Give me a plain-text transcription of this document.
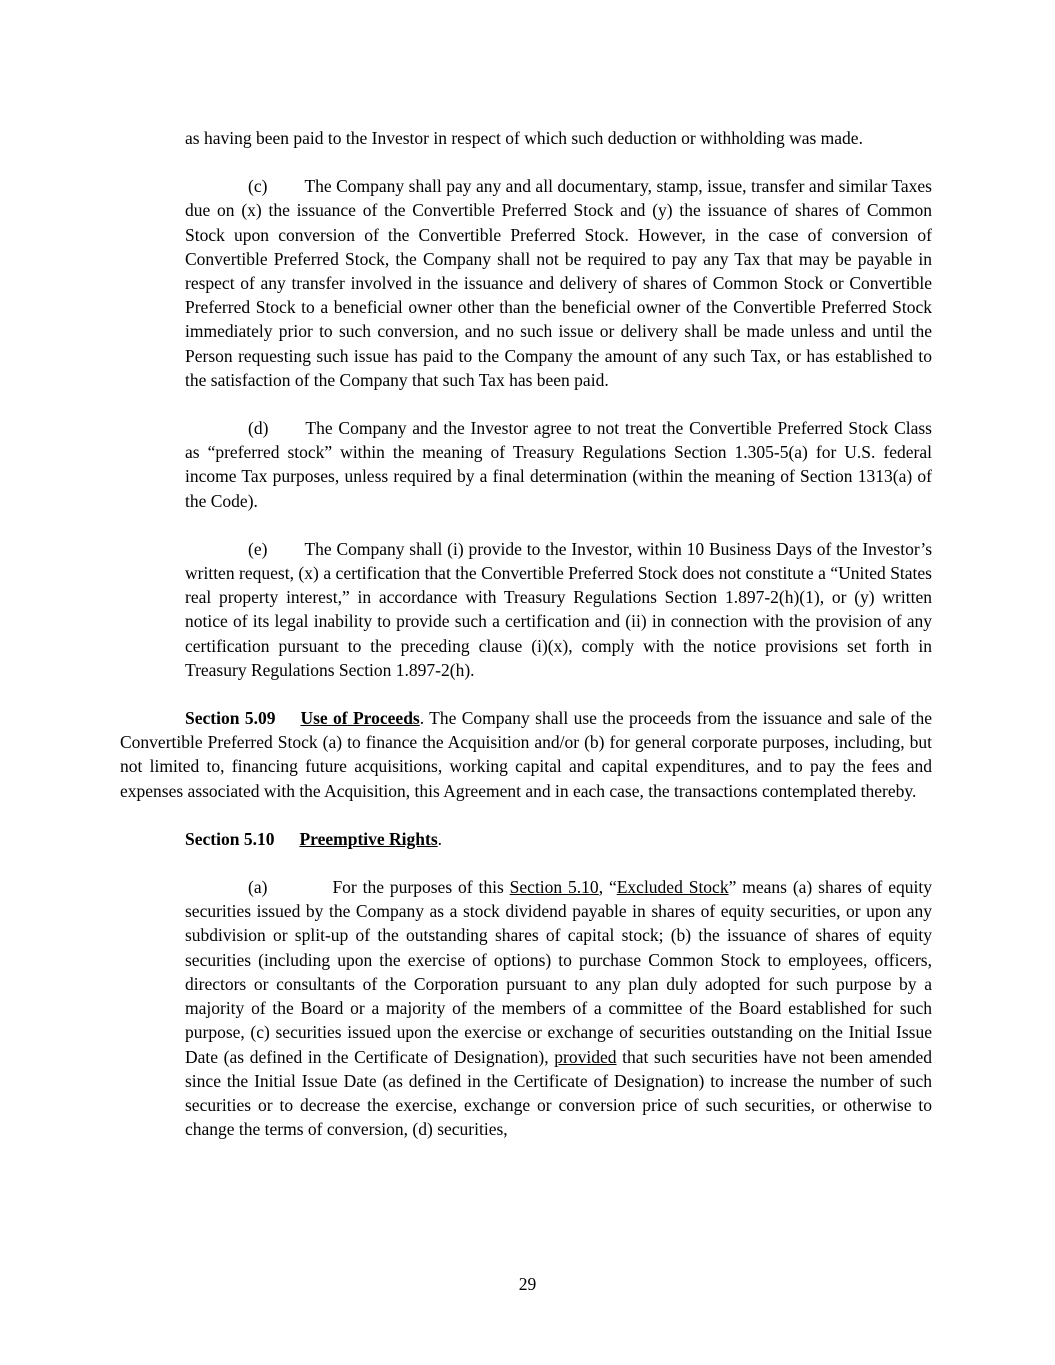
as having been paid to the Investor in respect of which such deduction or withholding was made.

(c) The Company shall pay any and all documentary, stamp, issue, transfer and similar Taxes due on (x) the issuance of the Convertible Preferred Stock and (y) the issuance of shares of Common Stock upon conversion of the Convertible Preferred Stock. However, in the case of conversion of Convertible Preferred Stock, the Company shall not be required to pay any Tax that may be payable in respect of any transfer involved in the issuance and delivery of shares of Common Stock or Convertible Preferred Stock to a beneficial owner other than the beneficial owner of the Convertible Preferred Stock immediately prior to such conversion, and no such issue or delivery shall be made unless and until the Person requesting such issue has paid to the Company the amount of any such Tax, or has established to the satisfaction of the Company that such Tax has been paid.

(d) The Company and the Investor agree to not treat the Convertible Preferred Stock Class as “preferred stock” within the meaning of Treasury Regulations Section 1.305-5(a) for U.S. federal income Tax purposes, unless required by a final determination (within the meaning of Section 1313(a) of the Code).

(e) The Company shall (i) provide to the Investor, within 10 Business Days of the Investor’s written request, (x) a certification that the Convertible Preferred Stock does not constitute a “United States real property interest,” in accordance with Treasury Regulations Section 1.897-2(h)(1), or (y) written notice of its legal inability to provide such a certification and (ii) in connection with the provision of any certification pursuant to the preceding clause (i)(x), comply with the notice provisions set forth in Treasury Regulations Section 1.897-2(h).

Section 5.09 Use of Proceeds. The Company shall use the proceeds from the issuance and sale of the Convertible Preferred Stock (a) to finance the Acquisition and/or (b) for general corporate purposes, including, but not limited to, financing future acquisitions, working capital and capital expenditures, and to pay the fees and expenses associated with the Acquisition, this Agreement and in each case, the transactions contemplated thereby.

Section 5.10 Preemptive Rights.

(a)	For the purposes of this Section 5.10, “Excluded Stock” means (a) shares of equity securities issued by the Company as a stock dividend payable in shares of equity securities, or upon any subdivision or split-up of the outstanding shares of capital stock; (b) the issuance of shares of equity securities (including upon the exercise of options) to purchase Common Stock to employees, officers, directors or consultants of the Corporation pursuant to any plan duly adopted for such purpose by a majority of the Board or a majority of the members of a committee of the Board established for such purpose, (c) securities issued upon the exercise or exchange of securities outstanding on the Initial Issue Date (as defined in the Certificate of Designation), provided that such securities have not been amended since the Initial Issue Date (as defined in the Certificate of Designation) to increase the number of such securities or to decrease the exercise, exchange or conversion price of such securities, or otherwise to change the terms of conversion, (d) securities,

29
